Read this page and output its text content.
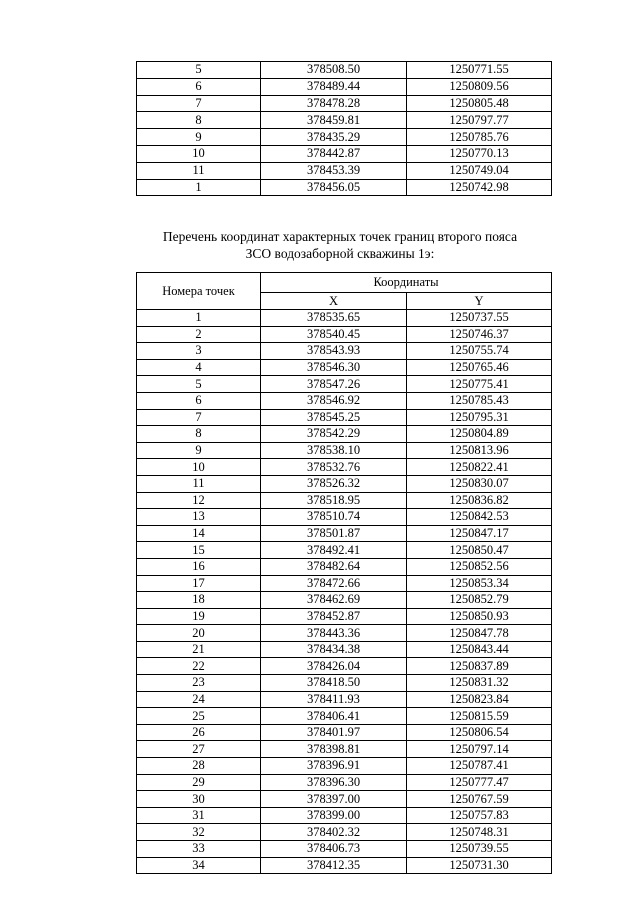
5	378508.50	1250771.55
6	378489.44	1250809.56
7	378478.28	1250805.48
8	378459.81	1250797.77
9	378435.29	1250785.76
10	378442.87	1250770.13
11	378453.39	1250749.04
1	378456.05	1250742.98
Перечень координат характерных точек границ второго пояса
ЗСО водозаборной скважины 1э:
Номера точек	Координаты	
	X	Y
1	378535.65	1250737.55
2	378540.45	1250746.37
3	378543.93	1250755.74
4	378546.30	1250765.46
5	378547.26	1250775.41
6	378546.92	1250785.43
7	378545.25	1250795.31
8	378542.29	1250804.89
9	378538.10	1250813.96
10	378532.76	1250822.41
11	378526.32	1250830.07
12	378518.95	1250836.82
13	378510.74	1250842.53
14	378501.87	1250847.17
15	378492.41	1250850.47
16	378482.64	1250852.56
17	378472.66	1250853.34
18	378462.69	1250852.79
19	378452.87	1250850.93
20	378443.36	1250847.78
21	378434.38	1250843.44
22	378426.04	1250837.89
23	378418.50	1250831.32
24	378411.93	1250823.84
25	378406.41	1250815.59
26	378401.97	1250806.54
27	378398.81	1250797.14
28	378396.91	1250787.41
29	378396.30	1250777.47
30	378397.00	1250767.59
31	378399.00	1250757.83
32	378402.32	1250748.31
33	378406.73	1250739.55
34	378412.35	1250731.30
